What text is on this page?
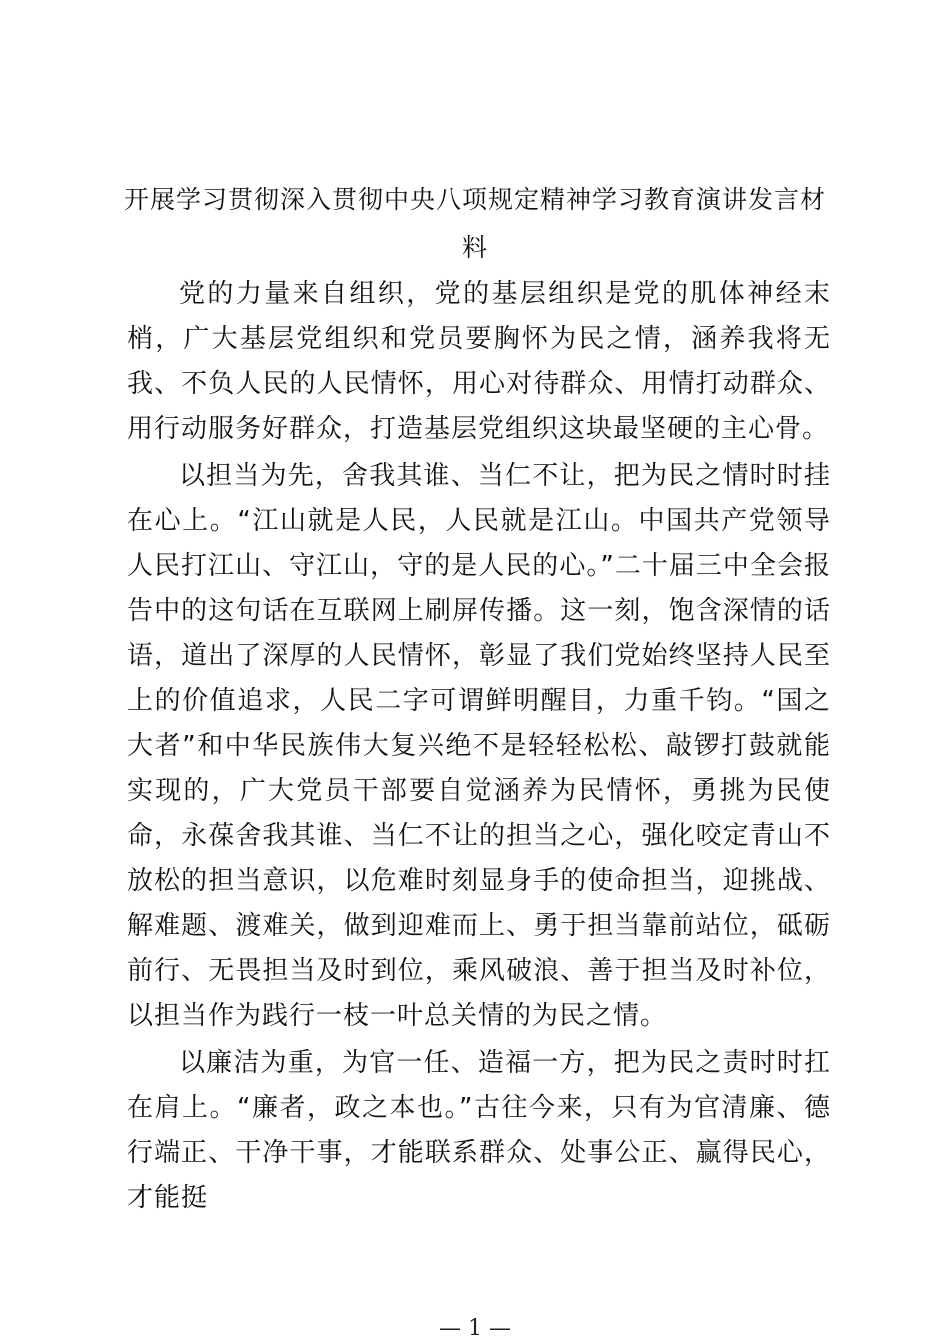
开展学习贯彻深入贯彻中央八项规定精神学习教育演讲发言材料

党的力量来自组织，党的基层组织是党的肌体神经末梢，广大基层党组织和党员要胸怀为民之情，涵养我将无我、不负人民的人民情怀，用心对待群众、用情打动群众、用行动服务好群众，打造基层党组织这块最坚硬的主心骨。

以担当为先，舍我其谁、当仁不让，把为民之情时时挂在心上。“江山就是人民，人民就是江山。中国共产党领导人民打江山、守江山，守的是人民的心。”二十届三中全会报告中的这句话在互联网上刷屏传播。这一刻，饱含深情的话语，道出了深厚的人民情怀，彰显了我们党始终坚持人民至上的价值追求，人民二字可谓鲜明醒目，力重千钧。“国之大者”和中华民族伟大复兴绝不是轻轻松松、敲锣打鼓就能实现的，广大党员干部要自觉涵养为民情怀，勇挑为民使命，永葆舍我其谁、当仁不让的担当之心，强化咬定青山不放松的担当意识，以危难时刻显身手的使命担当，迎挑战、解难题、渡难关，做到迎难而上、勇于担当靠前站位，砥砺前行、无畏担当及时到位，乘风破浪、善于担当及时补位，以担当作为践行一枝一叶总关情的为民之情。

以廉洁为重，为官一任、造福一方，把为民之责时时扛在肩上。“廉者，政之本也。”古往今来，只有为官清廉、德行端正、干净干事，才能联系群众、处事公正、赢得民心，才能挺

— 1 —
